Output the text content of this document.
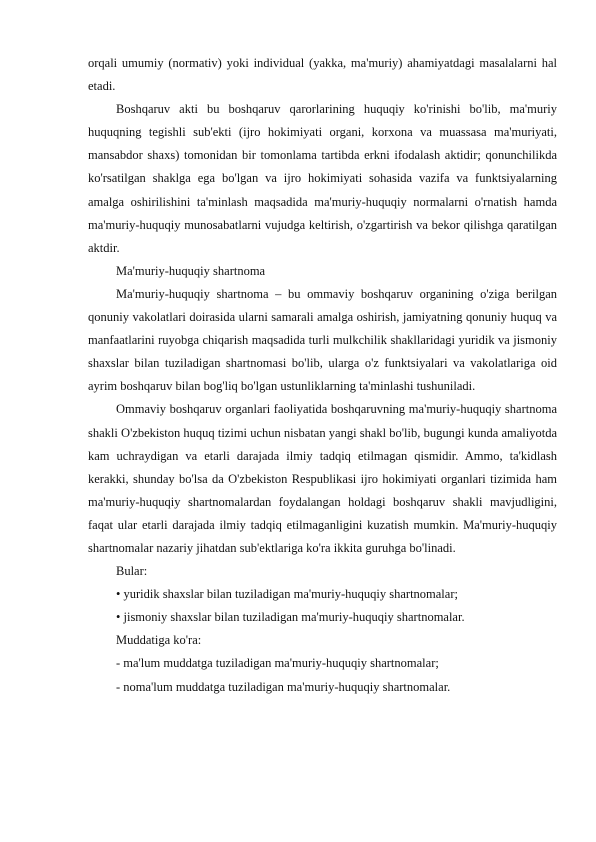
orqali umumiy (normativ) yoki individual (yakka, ma'muriy) ahamiyatdagi masalalarni hal etadi.

Boshqaruv akti bu boshqaruv qarorlarining huquqiy ko'rinishi bo'lib, ma'muriy huquqning tegishli sub'ekti (ijro hokimiyati organi, korxona va muassasa ma'muriyati, mansabdor shaxs) tomonidan bir tomonlama tartibda erkni ifodalash aktidir; qonunchilikda ko'rsatilgan shaklga ega bo'lgan va ijro hokimiyati sohasida vazifa va funktsiyalarning amalga oshirilishini ta'minlash maqsadida ma'muriy-huquqiy normalarni o'rnatish hamda ma'muriy-huquqiy munosabatlarni vujudga keltirish, o'zgartirish va bekor qilishga qaratilgan aktdir.

Ma'muriy-huquqiy shartnoma

Ma'muriy-huquqiy shartnoma – bu ommaviy boshqaruv organining o'ziga berilgan qonuniy vakolatlari doirasida ularni samarali amalga oshirish, jamiyatning qonuniy huquq va manfaatlarini ruyobga chiqarish maqsadida turli mulkchilik shakllaridagi yuridik va jismoniy shaxslar bilan tuziladigan shartnomasi bo'lib, ularga o'z funktsiyalari va vakolatlariga oid ayrim boshqaruv bilan bog'liq bo'lgan ustunliklarning ta'minlashi tushuniladi.

Ommaviy boshqaruv organlari faoliyatida boshqaruvning ma'muriy-huquqiy shartnoma shakli O'zbekiston huquq tizimi uchun nisbatan yangi shakl bo'lib, bugungi kunda amaliyotda kam uchraydigan va etarli darajada ilmiy tadqiq etilmagan qismidir. Ammo, ta'kidlash kerakki, shunday bo'lsa da O'zbekiston Respublikasi ijro hokimiyati organlari tizimida ham ma'muriy-huquqiy shartnomalardan foydalangan holdagi boshqaruv shakli mavjudligini, faqat ular etarli darajada ilmiy tadqiq etilmaganligini kuzatish mumkin. Ma'muriy-huquqiy shartnomalar nazariy jihatdan sub'ektlariga ko'ra ikkita guruhga bo'linadi.

Bular:

• yuridik shaxslar bilan tuziladigan ma'muriy-huquqiy shartnomalar;

• jismoniy shaxslar bilan tuziladigan ma'muriy-huquqiy shartnomalar.

Muddatiga ko'ra:

- ma'lum muddatga tuziladigan ma'muriy-huquqiy shartnomalar;

- noma'lum muddatga tuziladigan ma'muriy-huquqiy shartnomalar.
